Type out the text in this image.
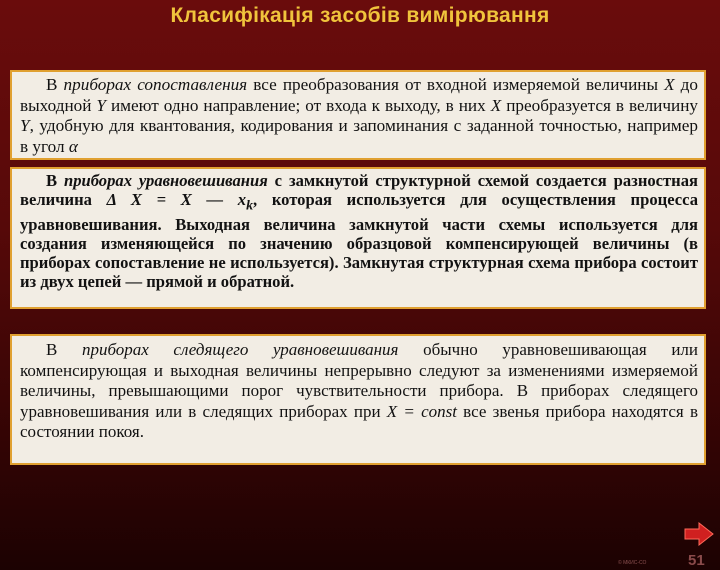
Класифікація засобів вимірювання

В приборах сопоставления все преобразования от входной измеряемой величины X до выходной Y имеют одно направление; от входа к выходу, в них X преобразуется в величину Y, удобную для квантования, кодирования и запоминания с заданной точностью, например в угол α

В приборах уравновешивания с замкнутой структурной схемой создается разностная величина Δ X = X — $x_k$, которая используется для осуществления процесса уравновешивания. Выходная величина замкнутой части схемы используется для создания изменяющейся по значению образцовой компенсирующей величины (в приборах сопоставление не используется). Замкнутая структурная схема прибора состоит из двух цепей — прямой и обратной.

В приборах следящего уравновешивания обычно уравновешивающая или компенсирующая и выходная величины непрерывно следуют за изменениями измеряемой величины, превышающими порог чувствительности прибора. В приборах следящего уравновешивания или в следящих приборах при X = const все звенья прибора находятся в состоянии покоя.

51
© МКИС-СО
